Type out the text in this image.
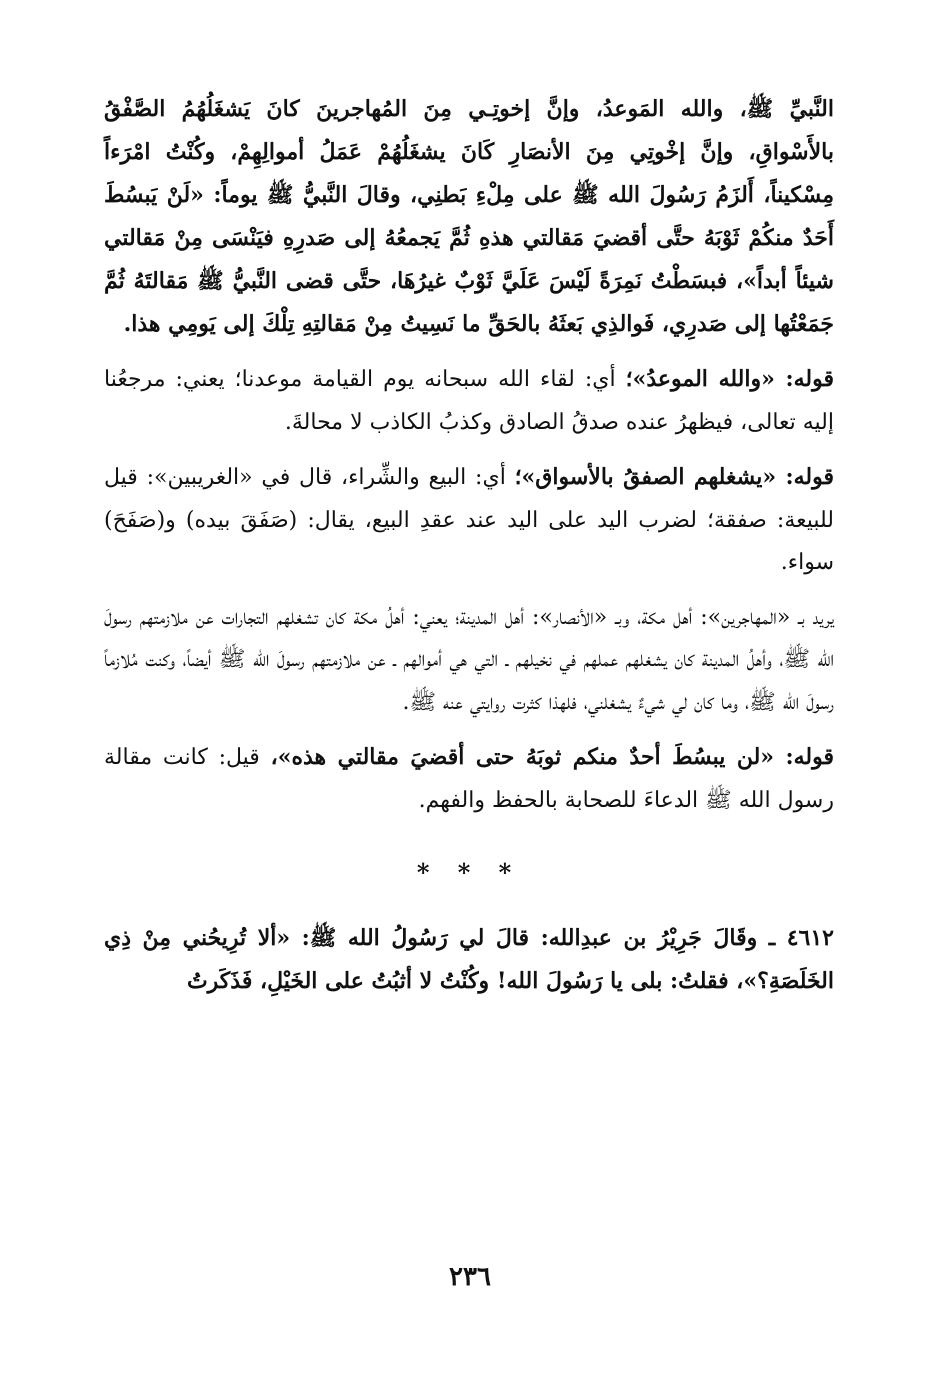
النَّبيِّ ﷺ، والله المَوعدُ، وإنَّ إخوتِـي مِنَ المُهاجرينَ كانَ يَشغَلُهُمُ الصَّفْقُ بالأَسْواقِ، وإنَّ إخْوتِي مِنَ الأنصَارِ كَانَ يشغَلُهُمْ عَمَلُ أموالِهِمْ، وكُنْتُ امْرَءاً مِسْكيناً، أَلزَمُ رَسُولَ الله ﷺ على مِلْءِ بَطنِي، وقالَ النَّبيُّ ﷺ يوماً: «لَنْ يَبسُطَ أَحَدٌ منكُمْ ثَوْبَهُ حتَّى أقضيَ مَقالتي هذهِ ثُمَّ يَجمعُهُ إلى صَدرِهِ فيَنْسَى مِنْ مَقالتي شيئاً أبداً»، فبسَطْتُ نَمِرَةً لَيْسَ عَلَيَّ ثَوْبٌ غيرُهَا، حتَّى قضى النَّبيُّ ﷺ مَقالتَهُ ثُمَّ جَمَعْتُها إلى صَدرِي، فَوالذِي بَعثَهُ بالحَقِّ ما نَسِيتُ مِنْ مَقالتِهِ تِلْكَ إلى يَومِي هذا.

قوله: «والله الموعدُ»؛ أي: لقاء الله سبحانه يوم القيامة موعدنا؛ يعني: مرجعُنا إليه تعالى، فيظهرُ عنده صدقُ الصادق وكذبُ الكاذب لا محالةَ.

قوله: «يشغلهم الصفقُ بالأسواق»؛ أي: البيع والشِّراء، قال في «الغريبين»: قيل للبيعة: صفقة؛ لضرب اليد على اليد عند عقدِ البيع، يقال: (صَفَقَ بيده) و(صَفَحَ) سواء.

يريد بـ «المهاجرين»: أهل مكة، وبـ «الأنصار»: أهل المدينة؛ يعني: أهلُ مكة كان تشغلهم التجارات عن ملازمتهم رسولَ الله ﷺ، وأهلُ المدينة كان يشغلهم عملهم في نخيلهم ـ التي هي أموالهم ـ عن ملازمتهم رسولَ الله ﷺ أيضاً، وكنت مُلازماً رسولَ الله ﷺ، وما كان لي شيءٌ يشغلني، فلهذا كثرت روايتي عنه ﷺ.

قوله: «لن يبسُطَ أحدٌ منكم ثوبَهُ حتى أقضيَ مقالتي هذه»، قيل: كانت مقالة رسول الله ﷺ الدعاءَ للصحابة بالحفظ والفهم.

* * *

٤٦١٢ ـ وقَالَ جَرِيْرُ بن عبدِالله: قالَ لي رَسُولُ الله ﷺ: «ألا تُرِيحُني مِنْ ذِي الخَلَصَةِ؟»، فقلتُ: بلى يا رَسُولَ الله! وكُنْتُ لا أثبُتُ على الخَيْلِ، فَذَكَرتُ

٢٣٦
